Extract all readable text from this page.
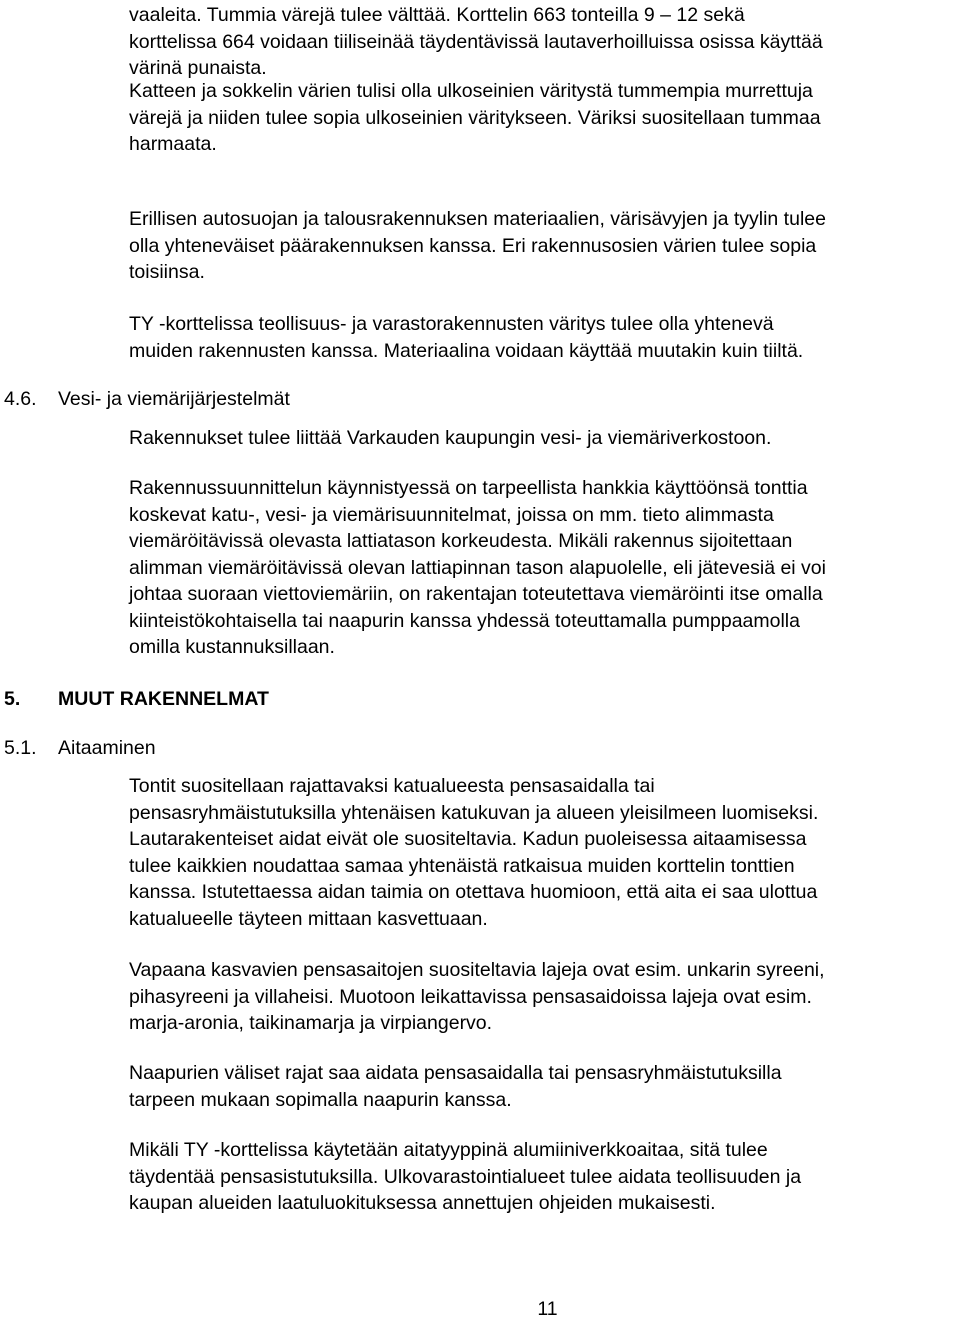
vaaleita. Tummia värejä tulee välttää. Korttelin 663 tonteilla 9 – 12 sekä
korttelissa 664 voidaan tiiliseinää täydentävissä lautaverhoilluissa osissa käyttää
värinä punaista.
Katteen ja sokkelin värien tulisi olla ulkoseinien väritystä tummempia murrettuja
värejä ja niiden tulee sopia ulkoseinien väritykseen. Väriksi suositellaan tummaa
harmaata.
Erillisen autosuojan ja talousrakennuksen materiaalien, värisävyjen ja tyylin tulee
olla yhteneväiset päärakennuksen kanssa. Eri rakennusosien värien tulee sopia
toisiinsa.
TY -korttelissa teollisuus- ja varastorakennusten väritys tulee olla yhtenevä
muiden rakennusten kanssa. Materiaalina voidaan käyttää muutakin kuin tiiltä.
4.6. Vesi- ja viemärijärjestelmät
Rakennukset tulee liittää Varkauden kaupungin vesi- ja viemäriverkostoon.
Rakennussuunnittelun käynnistyessä on tarpeellista hankkia käyttöönsä tonttia
koskevat katu-, vesi- ja viemärisuunnitelmat, joissa on mm. tieto alimmasta
viemäröitävissä olevasta lattiatason korkeudesta. Mikäli rakennus sijoitettaan
alimman viemäröitävissä olevan lattiapinnan tason alapuolelle, eli jätevesiä ei voi
johtaa suoraan viettoviemäriin, on rakentajan toteutettava viemäröinti itse omalla
kiinteistökohtaisella tai naapurin kanssa yhdessä toteuttamalla pumppaamolla
omilla kustannuksillaan.
5. MUUT RAKENNELMAT
5.1. Aitaaminen
Tontit suositellaan rajattavaksi katualueesta pensasaidalla tai
pensasryhmäistutuksilla yhtenäisen katukuvan ja alueen yleisilmeen luomiseksi.
Lautarakenteiset aidat eivät ole suositeltavia. Kadun puoleisessa aitaamisessa
tulee kaikkien noudattaa samaa yhtenäistä ratkaisua muiden korttelin tonttien
kanssa. Istutettaessa aidan taimia on otettava huomioon, että aita ei saa ulottua
katualueelle täyteen mittaan kasvettuaan.
Vapaana kasvavien pensasaitojen suositeltavia lajeja ovat esim. unkarin syreeni,
pihasyreeni ja villaheisi. Muotoon leikattavissa pensasaidoissa lajeja ovat esim.
marja-aronia, taikinamarja ja virpiangervo.
Naapurien väliset rajat saa aidata pensasaidalla tai pensasryhmäistutuksilla
tarpeen mukaan sopimalla naapurin kanssa.
Mikäli TY -korttelissa käytetään aitatyyppinä alumiiniverkkoaitaa, sitä tulee
täydentää pensasistutuksilla. Ulkovarastointialueet tulee aidata teollisuuden ja
kaupan alueiden laatuluokituksessa annettujen ohjeiden mukaisesti.
11
